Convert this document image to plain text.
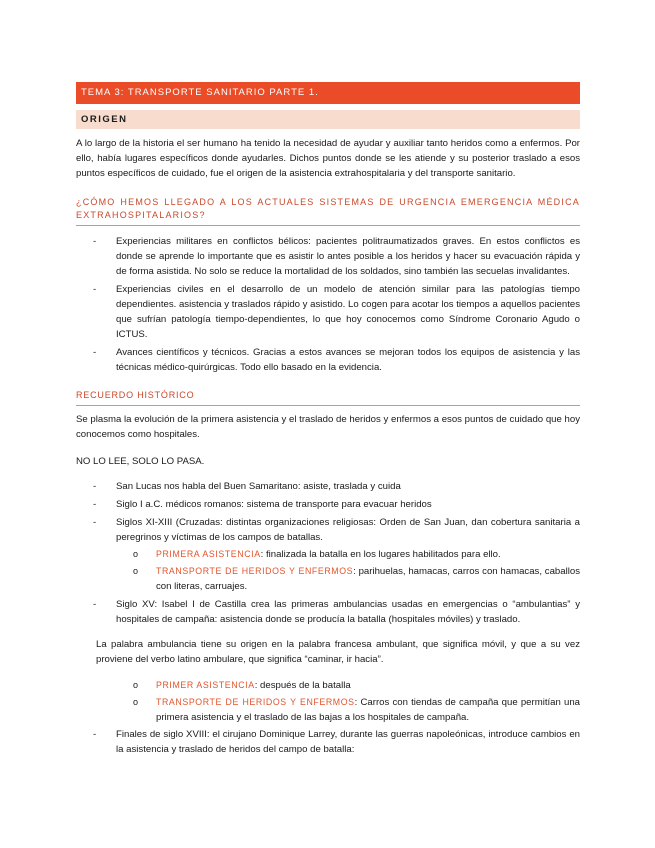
TEMA 3: TRANSPORTE SANITARIO PARTE 1.
ORIGEN

A lo largo de la historia el ser humano ha tenido la necesidad de ayudar y auxiliar tanto heridos como a enfermos. Por ello, había lugares específicos donde ayudarles. Dichos puntos donde se les atiende y su posterior traslado a esos puntos específicos de cuidado, fue el origen de la asistencia extrahospitalaria y del transporte sanitario.

¿CÓMO HEMOS LLEGADO A LOS ACTUALES SISTEMAS DE URGENCIA EMERGENCIA MÉDICA EXTRAHOSPITALARIOS?
-	Experiencias militares en conflictos bélicos: pacientes politraumatizados graves. En estos conflictos es donde se aprende lo importante que es asistir lo antes posible a los heridos y hacer su evacuación rápida y de forma asistida. No solo se reduce la mortalidad de los soldados, sino también las secuelas invalidantes.
-	Experiencias civiles en el desarrollo de un modelo de atención similar para las patologías tiempo dependientes. asistencia y traslados rápido y asistido. Lo cogen para acotar los tiempos a aquellos pacientes que sufrían patología tiempo-dependientes, lo que hoy conocemos como Síndrome Coronario Agudo o ICTUS.
-	Avances científicos y técnicos. Gracias a estos avances se mejoran todos los equipos de asistencia y las técnicas médico-quirúrgicas. Todo ello basado en la evidencia.
RECUERDO HISTÓRICO

Se plasma la evolución de la primera asistencia y el traslado de heridos y enfermos a esos puntos de cuidado que hoy conocemos como hospitales.

NO LO LEE, SOLO LO PASA.

-	San Lucas nos habla del Buen Samaritano: asiste, traslada y cuida
-	Siglo I a.C. médicos romanos: sistema de transporte para evacuar heridos
-	Siglos XI-XIII (Cruzadas: distintas organizaciones religiosas: Orden de San Juan, dan cobertura sanitaria a peregrinos y víctimas de los campos de batallas.
o PRIMERA ASISTENCIA: finalizada la batalla en los lugares habilitados para ello.
o TRANSPORTE DE HERIDOS Y ENFERMOS: parihuelas, hamacas, carros con hamacas, caballos con literas, carruajes.
-	Siglo XV: Isabel I de Castilla crea las primeras ambulancias usadas en emergencias o “ambulantias” y hospitales de campaña: asistencia donde se producía la batalla (hospitales móviles) y traslado.

La palabra ambulancia tiene su origen en la palabra francesa ambulant, que significa móvil, y que a su vez proviene del verbo latino ambulare, que significa “caminar, ir hacia”.

o PRIMER ASISTENCIA: después de la batalla
o TRANSPORTE DE HERIDOS Y ENFERMOS: Carros con tiendas de campaña que permitían una primera asistencia y el traslado de las bajas a los hospitales de campaña.
-	Finales de siglo XVIII: el cirujano Dominique Larrey, durante las guerras napoleónicas, introduce cambios en la asistencia y traslado de heridos del campo de batalla:
